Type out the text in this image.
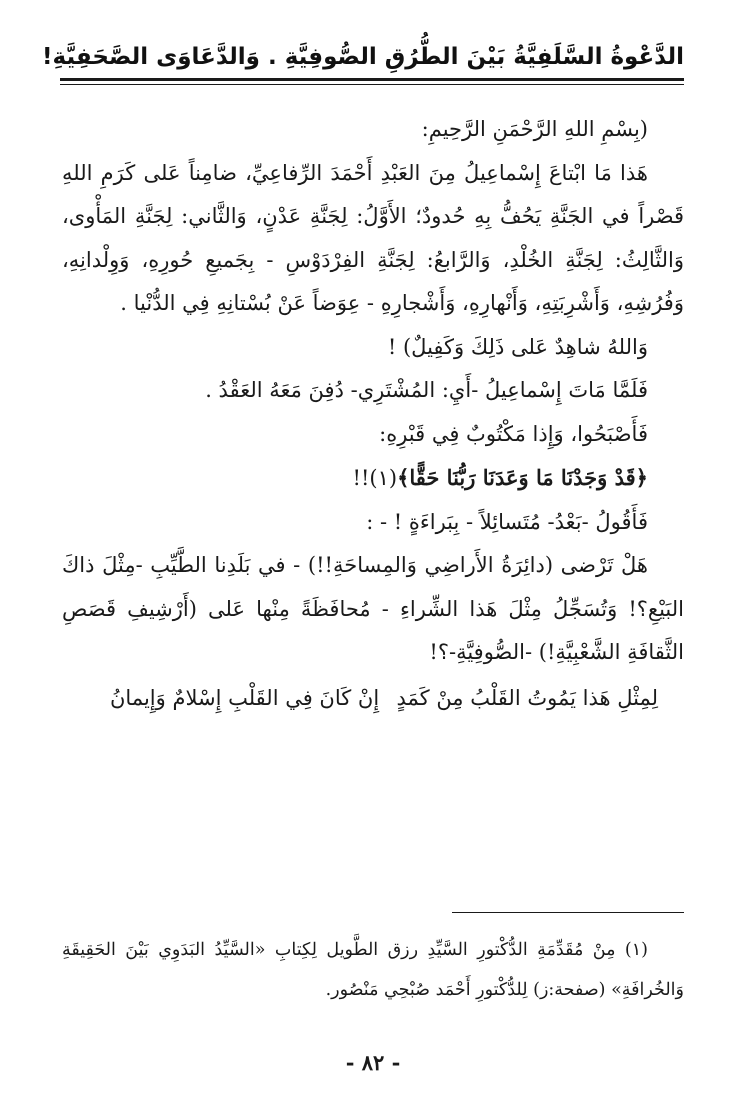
الدَّعْوةُ السَّلَفِيَّةُ بَيْنَ الطُّرُقِ الصُّوفِيَّةِ . وَالدَّعَاوَى الصَّحَفِيَّةِ!

(بِسْمِ اللهِ الرَّحْمَنِ الرَّحِيمِ:

هَذا مَا ابْتاعَ إِسْماعِيلُ مِنَ العَبْدِ أَحْمَدَ الرِّفاعِيِّ، ضامِناً عَلى كَرَمِ اللهِ قَصْراً في الجَنَّةِ يَحُفُّ بِهِ حُدودٌ؛ الأَوَّلُ: لِجَنَّةِ عَدْنٍ، وَالثَّاني: لِجَنَّةِ المَأْوى، وَالثَّالِثُ: لِجَنَّةِ الخُلْدِ، وَالرَّابعُ: لِجَنَّةِ الفِرْدَوْسِ - بِجَميعِ حُورِهِ، وَوِلْدانِهِ، وَفُرُشِهِ، وَأَشْرِبَتِهِ، وَأَنْهارِهِ، وَأَشْجارِهِ - عِوَضاً عَنْ بُسْتانِهِ فِي الدُّنْيا .

وَاللهُ شاهِدٌ عَلى ذَلِكَ وَكَفِيلٌ) !

فَلَمَّا مَاتَ إِسْماعِيلُ -أَيِ: المُشْتَرِي- دُفِنَ مَعَهُ العَقْدُ .

فَأَصْبَحُوا، وَإِذا مَكْتُوبٌ فِي قَبْرِهِ:

﴿قَدْ وَجَدْنَا مَا وَعَدَنَا رَبُّنَا حَقًّا﴾(١)!!

فَأَقُولُ -بَعْدُ- مُتَسائِلاً - بِبَراءَةٍ ! - :

هَلْ تَرْضى (دائِرَةُ الأَراضِي وَالمِساحَةِ!!) - في بَلَدِنا الطَّيِّبِ -مِثْلَ ذاكَ البَيْعِ؟! وَتُسَجِّلُ مِثْلَ هَذا الشِّراءِ - مُحافَظَةً مِنْها عَلى (أَرْشِيفِ قَصَصِ الثَّقافَةِ الشَّعْبِيَّةِ!) -الصُّوفِيَّةِ-؟!

لِمِثْلِ هَذا يَمُوتُ القَلْبُ مِنْ كَمَدٍ
إِنْ كَانَ فِي القَلْبِ إِسْلامٌ وَإِيمانُ
(١) مِنْ مُقَدِّمَةِ الدُّكْتورِ السَّيِّدِ رزق الطَّويل لِكِتابِ «السَّيِّدُ البَدَوِي بَيْنَ الحَقِيقَةِ وَالخُرافَةِ» (صفحة:ز) لِلدُّكْتورِ أَحْمَد صُبْحِي مَنْصُور.
- ٨٢ -
